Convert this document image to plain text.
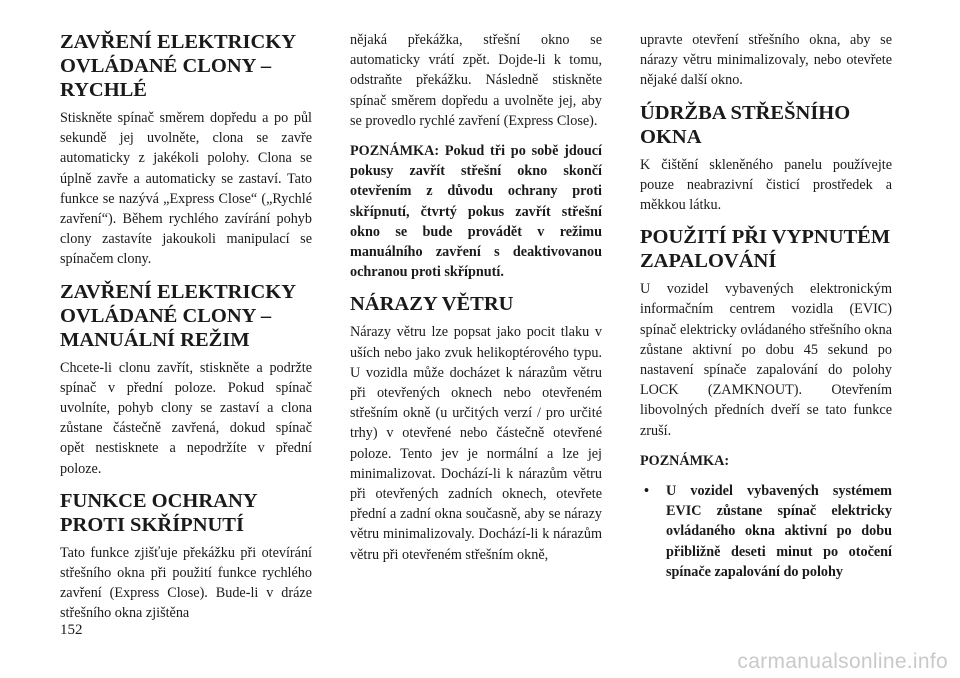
ZAVŘENÍ ELEKTRICKY OVLÁDANÉ CLONY – RYCHLÉ

Stiskněte spínač směrem dopředu a po půl sekundě jej uvolněte, clona se zavře automaticky z jakékoli polohy. Clona se úplně zavře a automaticky se zastaví. Tato funkce se nazývá „Express Close“ („Rychlé zavření“). Během rychlého zavírání pohyb clony zastavíte jakoukoli manipulací se spínačem clony.

ZAVŘENÍ ELEKTRICKY OVLÁDANÉ CLONY – MANUÁLNÍ REŽIM

Chcete-li clonu zavřít, stiskněte a podržte spínač v přední poloze. Pokud spínač uvolníte, pohyb clony se zastaví a clona zůstane částečně zavřená, dokud spínač opět nestisknete a nepodržíte v přední poloze.

FUNKCE OCHRANY PROTI SKŘÍPNUTÍ

Tato funkce zjišťuje překážku při otevírání střešního okna při použití funkce rychlého zavření (Express Close). Bude-li v dráze střešního okna zjištěna

nějaká překážka, střešní okno se automaticky vrátí zpět. Dojde-li k tomu, odstraňte překážku. Následně stiskněte spínač směrem dopředu a uvolněte jej, aby se provedlo rychlé zavření (Express Close).

POZNÁMKA: Pokud tři po sobě jdoucí pokusy zavřít střešní okno skončí otevřením z důvodu ochrany proti skřípnutí, čtvrtý pokus zavřít střešní okno se bude provádět v režimu manuálního zavření s deaktivovanou ochranou proti skřípnutí.

NÁRAZY VĚTRU

Nárazy větru lze popsat jako pocit tlaku v uších nebo jako zvuk helikoptérového typu. U vozidla může docházet k nárazům větru při otevřených oknech nebo otevřeném střešním okně (u určitých verzí / pro určité trhy) v otevřené nebo částečně otevřené poloze. Tento jev je normální a lze jej minimalizovat. Dochází-li k nárazům větru při otevřených zadních oknech, otevřete přední a zadní okna současně, aby se nárazy větru minimalizovaly. Dochází-li k nárazům větru při otevřeném střešním okně,

upravte otevření střešního okna, aby se nárazy větru minimalizovaly, nebo otevřete nějaké další okno.

ÚDRŽBA STŘEŠNÍHO OKNA

K čištění skleněného panelu používejte pouze neabrazivní čisticí prostředek a měkkou látku.

POUŽITÍ PŘI VYPNUTÉM ZAPALOVÁNÍ

U vozidel vybavených elektronickým informačním centrem vozidla (EVIC) spínač elektricky ovládaného střešního okna zůstane aktivní po dobu 45 sekund po nastavení spínače zapalování do polohy LOCK (ZAMKNOUT). Otevřením libovolných předních dveří se tato funkce zruší.

POZNÁMKA:

• U vozidel vybavených systémem EVIC zůstane spínač elektricky ovládaného okna aktivní po dobu přibližně deseti minut po otočení spínače zapalování do polohy
152
carmanualsonline.info
